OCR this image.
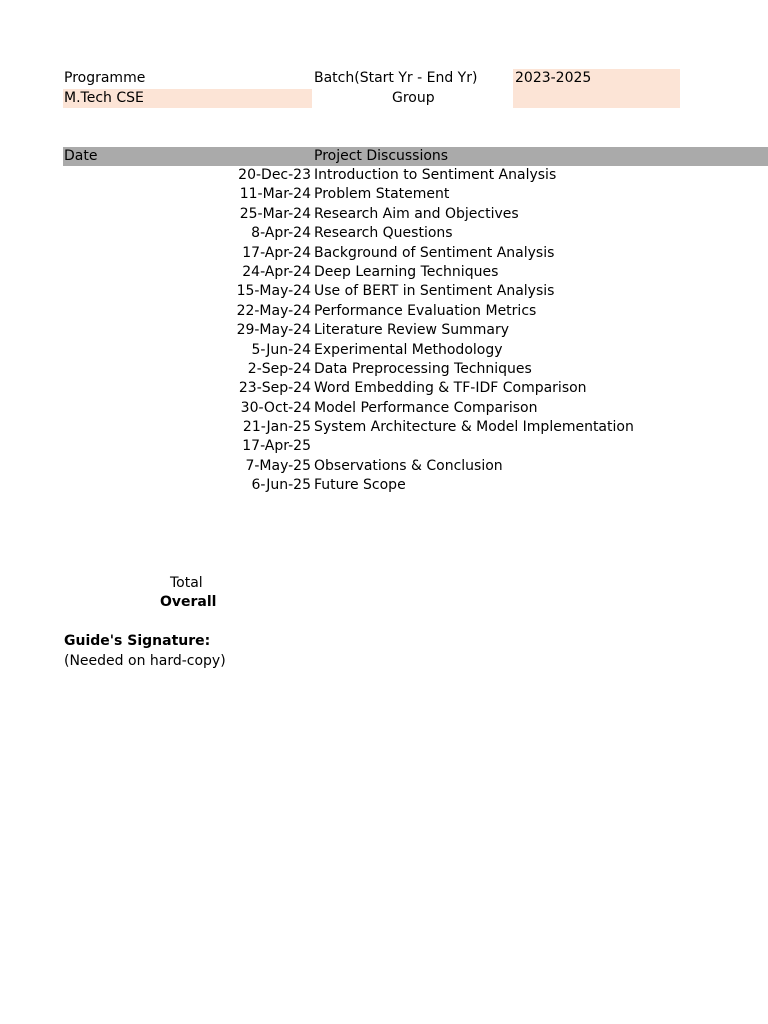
Programme	Batch(Start Yr - End Yr)	2023-2025
M.Tech CSE	Group
Date	Project Discussions
20-Dec-23 Introduction to Sentiment Analysis
11-Mar-24 Problem Statement
25-Mar-24 Research Aim and Objectives
8-Apr-24 Research Questions
17-Apr-24 Background of Sentiment Analysis
24-Apr-24 Deep Learning Techniques
15-May-24 Use of BERT in Sentiment Analysis
22-May-24 Performance Evaluation Metrics
29-May-24 Literature Review Summary
5-Jun-24 Experimental Methodology
2-Sep-24 Data Preprocessing Techniques
23-Sep-24 Word Embedding & TF-IDF Comparison
30-Oct-24 Model Performance Comparison
21-Jan-25 System Architecture & Model Implementation
17-Apr-25
7-May-25 Observations & Conclusion
6-Jun-25 Future Scope
Total
Overall
Guide's Signature:
(Needed on hard-copy)
